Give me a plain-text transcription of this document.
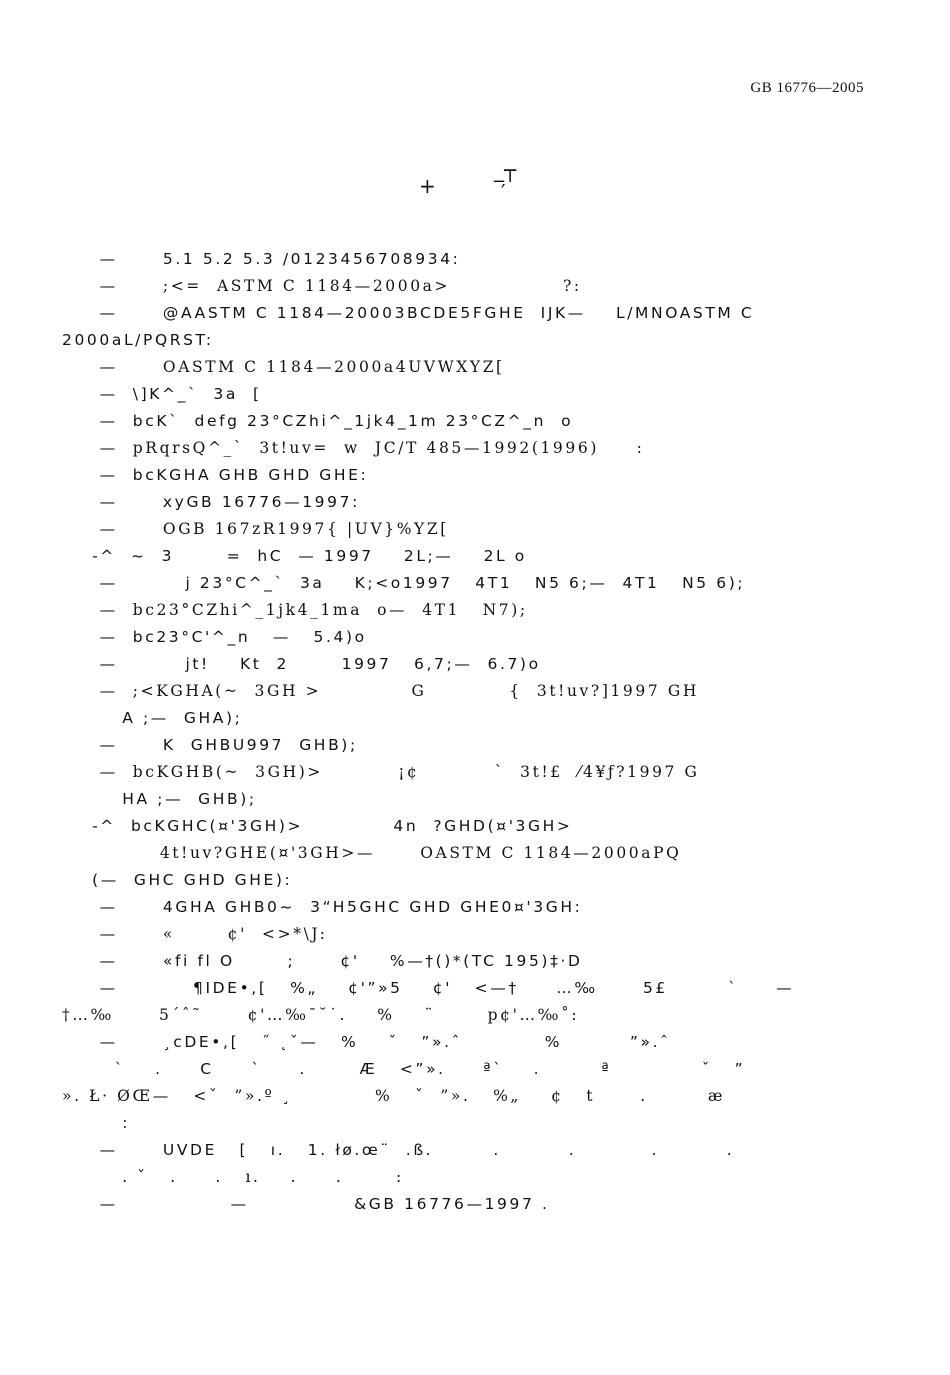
GB 16776—2005
_┬
+	′
—      5.1 5.2 5.3 /0123456708934:
—      ;<=  ASTM C 1184—2000a>               ?:
—      @AASTM C 1184—20003BCDE5FGHE  IJK—    L/MNOASTM C
2000aL/PQRST:
—      OASTM C 1184—2000a4UVWXYZ[
—  \]K^_`  3a  [
—  bcK`  defg 23°CZhi^_1jk4_1m 23°CZ^_n  o
—  pRqrsQ^_`  3t!uv=  w  JC/T 485—1992(1996)     :
—  bcKGHA GHB GHD GHE:
—      xyGB 16776—1997:
—      OGB 167zR1997{ |UV}%YZ[
-^  ~  3       =  hC  — 1997    2L;—    2L o
—         j 23°C^_`  3a    K;<o1997   4T1   N5 6;—  4T1   N5 6);
—  bc23°CZhi^_1jk4_1ma  o—  4T1   N7);
—  bc23°C'^_n   —   5.4)o
—         jt!    Kt  2       1997   6,7;—  6.7)o
—  ;<KGHA(~  3GH >            G           {  3t!uv?]1997 GH
A ;—  GHA);
—      K  GHBU997  GHB);
—  bcKGHB(~  3GH)>          ¡¢          `  3t!£  ⁄4¥ƒ?1997 G
HA ;—  GHB);
-^  bcKGHC(¤'3GH)>            4n  ?GHD(¤'3GH>
4t!uv?GHE(¤'3GH>—      OASTM C 1184—2000aPQ
(—  GHC GHD GHE):
—      4GHA GHB0~  3“H5GHC GHD GHE0¤'3GH:
—      «       ¢'  <>*\J:
—      «fi fl O       ;      ¢'    %—†()*(TC 195)‡·D
—          ¶IDE•,[   %„    ¢'”»5    ¢'   <—†     …‰      5£        `     —
†…‰      5´ˆ˜      ¢'…‰¯˘˙.    %    ¨       p¢'…‰˚:
—      ¸cDE•,[   ˝ ˛ˇ—   %    ˇ   ”».ˆ           %         ”».ˆ
`    .     C     `     .       Æ   <”».     ª`    .        ª            ˇ   ”
». Ł· ØŒ—   <ˇ  ”».º ¸           %   ˇ  ”».   %„    ¢   t      .        æ
:
—      UVDE   [   ı.   1. łø.œ¨  .ß.        .         .          .         .
. ˇ   .     .   ı.    .     .       :
—               —              &GB 16776—1997 .
